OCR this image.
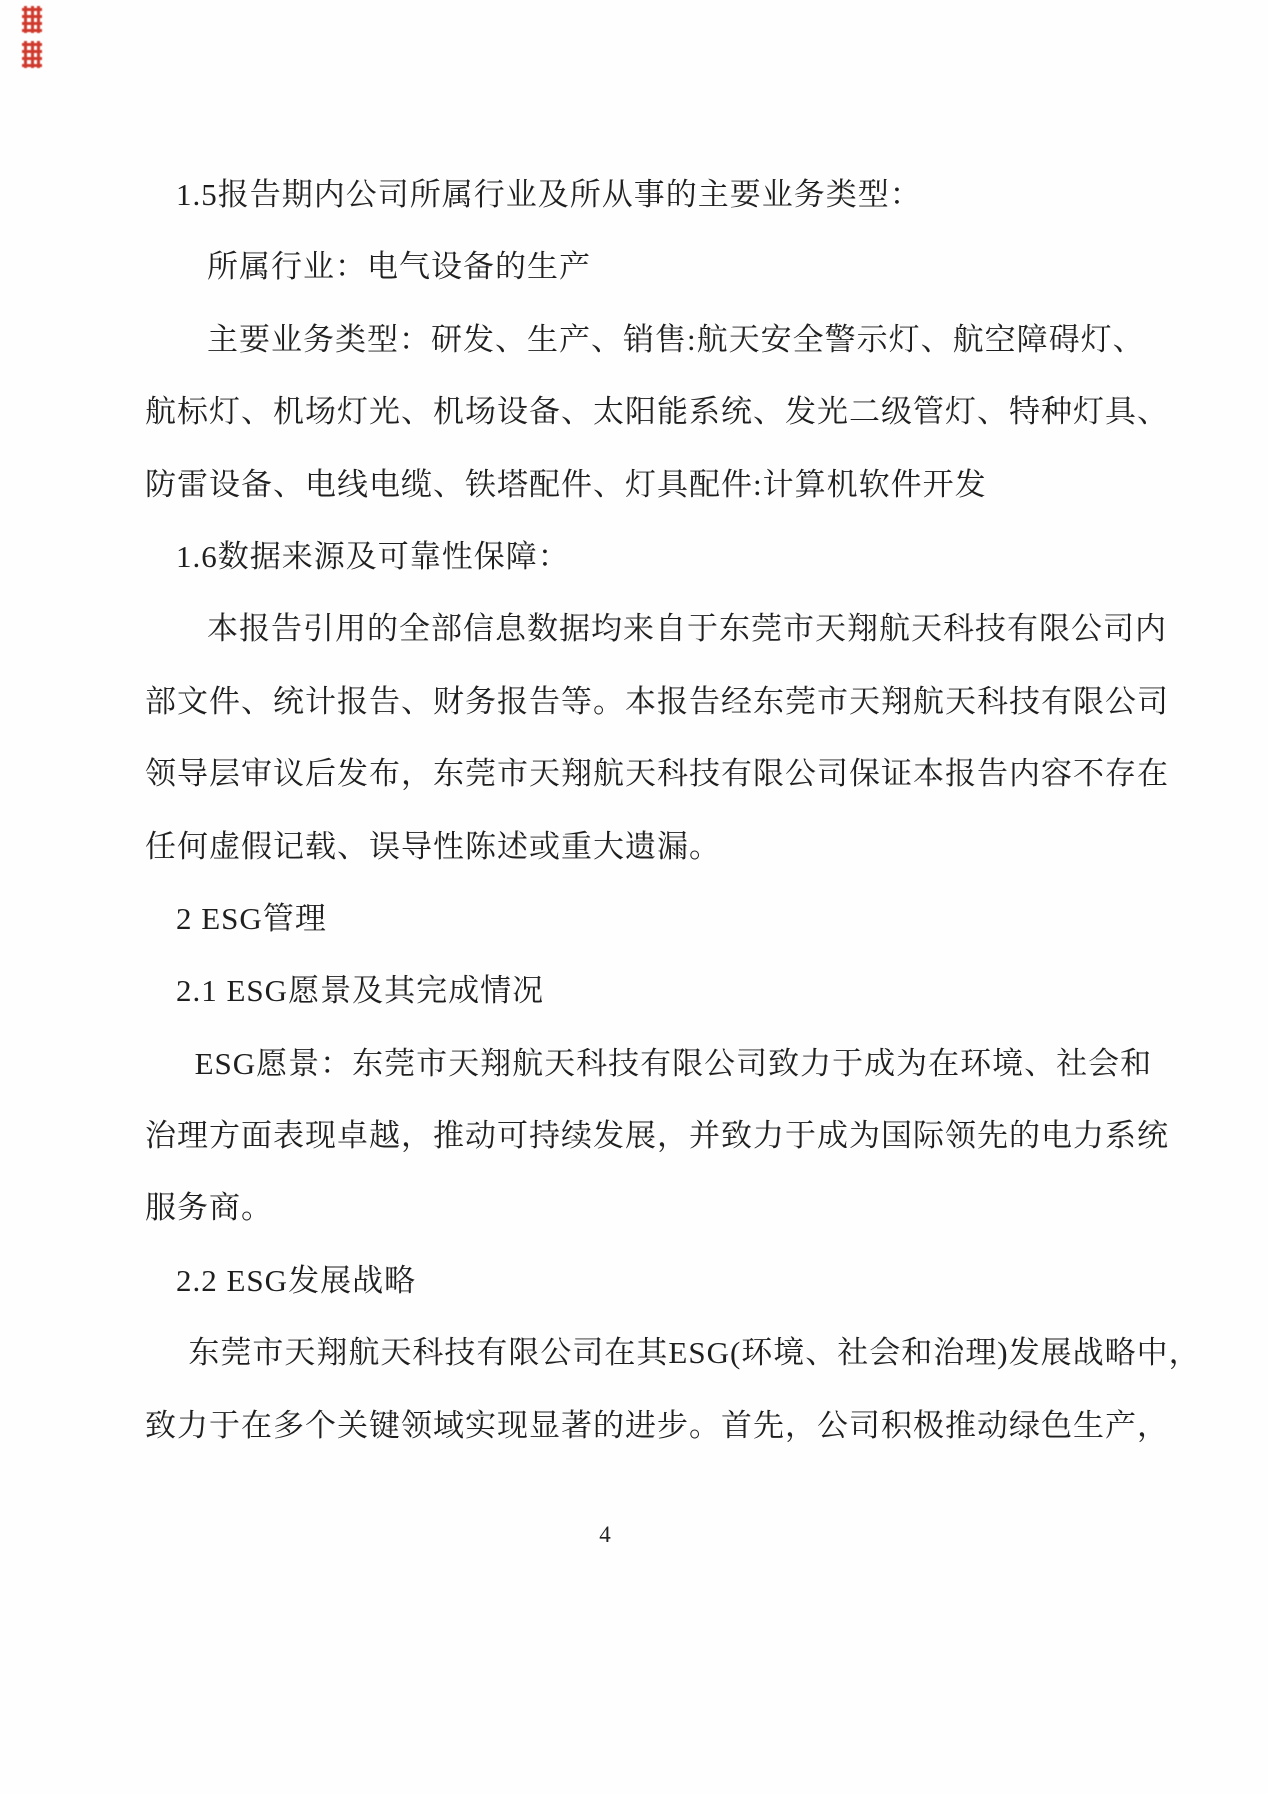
1.5报告期内公司所属行业及所从事的主要业务类型：
所属行业：电气设备的生产
主要业务类型：研发、生产、销售:航天安全警示灯、航空障碍灯、
航标灯、机场灯光、机场设备、太阳能系统、发光二级管灯、特种灯具、
防雷设备、电线电缆、铁塔配件、灯具配件:计算机软件开发
1.6数据来源及可靠性保障：
本报告引用的全部信息数据均来自于东莞市天翔航天科技有限公司内
部文件、统计报告、财务报告等。本报告经东莞市天翔航天科技有限公司
领导层审议后发布，东莞市天翔航天科技有限公司保证本报告内容不存在
任何虚假记载、误导性陈述或重大遗漏。
2 ESG管理
2.1 ESG愿景及其完成情况
ESG愿景：东莞市天翔航天科技有限公司致力于成为在环境、社会和
治理方面表现卓越，推动可持续发展，并致力于成为国际领先的电力系统
服务商。
2.2 ESG发展战略
东莞市天翔航天科技有限公司在其ESG(环境、社会和治理)发展战略中，
致力于在多个关键领域实现显著的进步。首先，公司积极推动绿色生产，
4
